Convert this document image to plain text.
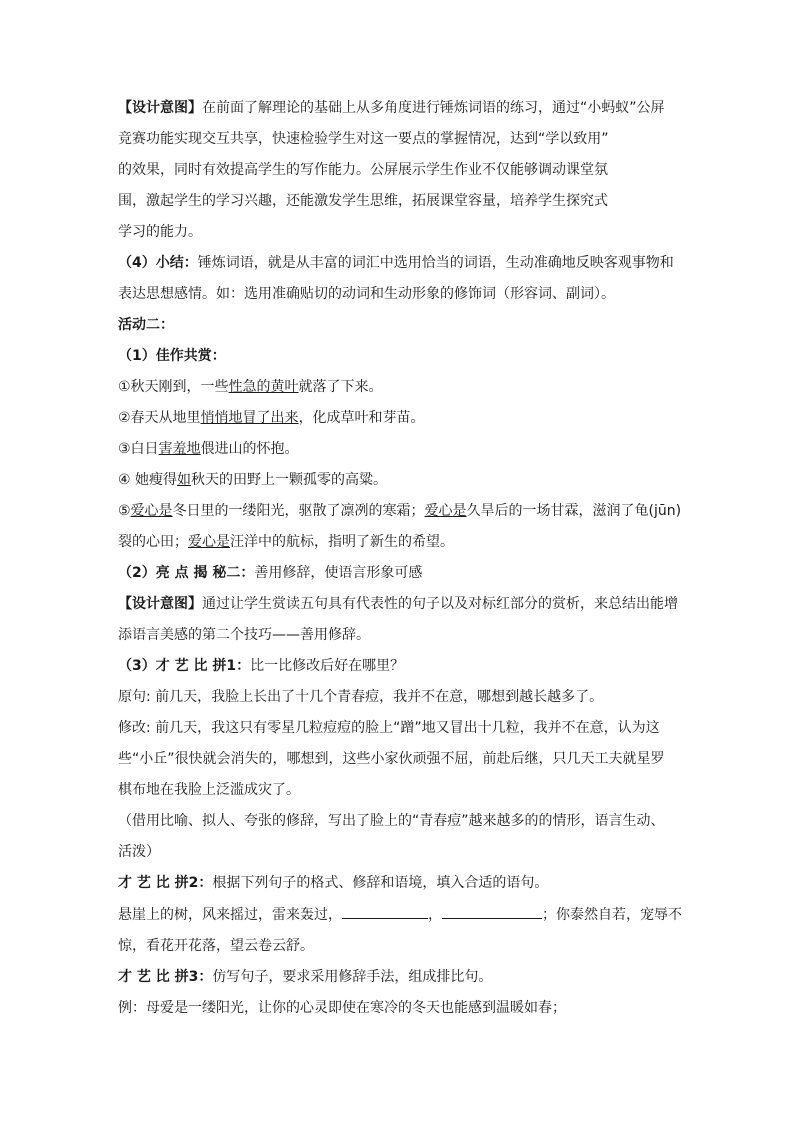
【设计意图】在前面了解理论的基础上从多角度进行锤炼词语的练习，通过“小蚂蚁”公屏
竞赛功能实现交互共享，快速检验学生对这一要点的掌握情况，达到“学以致用”
的效果，同时有效提高学生的写作能力。公屏展示学生作业不仅能够调动课堂氛
围，激起学生的学习兴趣，还能激发学生思维，拓展课堂容量，培养学生探究式
学习的能力。
（4）小结：锤炼词语，就是从丰富的词汇中选用恰当的词语，生动准确地反映客观事物和
表达思想感情。如：选用准确贴切的动词和生动形象的修饰词（形容词、副词）。
活动二：
（1）佳作共赏：
①秋天刚到，一些性急的黄叶就落了下来。
②春天从地里悄悄地冒了出来，化成草叶和芽苗。
③白日害羞地偎进山的怀抱。
④ 她瘦得如秋天的田野上一颗孤零的高粱。
⑤爱心是冬日里的一缕阳光，驱散了凛冽的寒霜；爱心是久旱后的一场甘霖，滋润了龟(jūn)
裂的心田；爱心是汪洋中的航标，指明了新生的希望。
（2）亮 点 揭 秘二：善用修辞，使语言形象可感
【设计意图】通过让学生赏读五句具有代表性的句子以及对标红部分的赏析，来总结出能增
添语言美感的第二个技巧——善用修辞。
（3）才 艺 比 拼1：比一比修改后好在哪里？
原句: 前几天，我脸上长出了十几个青春痘，我并不在意，哪想到越长越多了。
修改: 前几天，我这只有零星几粒痘痘的脸上“蹭”地又冒出十几粒，我并不在意，认为这
些“小丘”很快就会消失的，哪想到，这些小家伙顽强不屈，前赴后继，只几天工夫就星罗
棋布地在我脸上泛滥成灾了。
（借用比喻、拟人、夸张的修辞，写出了脸上的“青春痘”越来越多的的情形，语言生动、
活泼）
才 艺 比 拼2：根据下列句子的格式、修辞和语境，填入合适的语句。
悬崖上的树，风来摇过，雷来轰过，	，	；你泰然自若，宠辱不
惊，看花开花落，望云卷云舒。
才 艺 比 拼3：仿写句子，要求采用修辞手法，组成排比句。
例：母爱是一缕阳光，让你的心灵即使在寒冷的冬天也能感到温暖如春；
